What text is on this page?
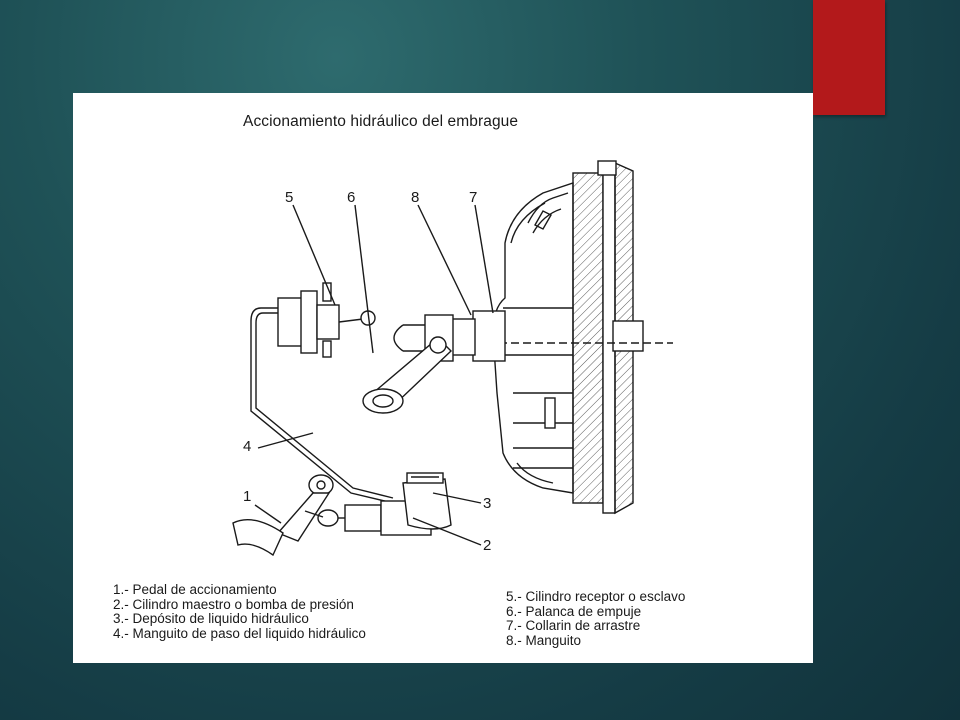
Accionamiento hidráulico del embrague
5	6	8	7
4
1	3
2
1.- Pedal de accionamiento
2.- Cilindro maestro o bomba de presión
3.- Depósito de liquido hidráulico
4.- Manguito de paso del liquido hidráulico
5.- Cilindro receptor o esclavo
6.- Palanca de empuje
7.- Collarin de arrastre
8.- Manguito
